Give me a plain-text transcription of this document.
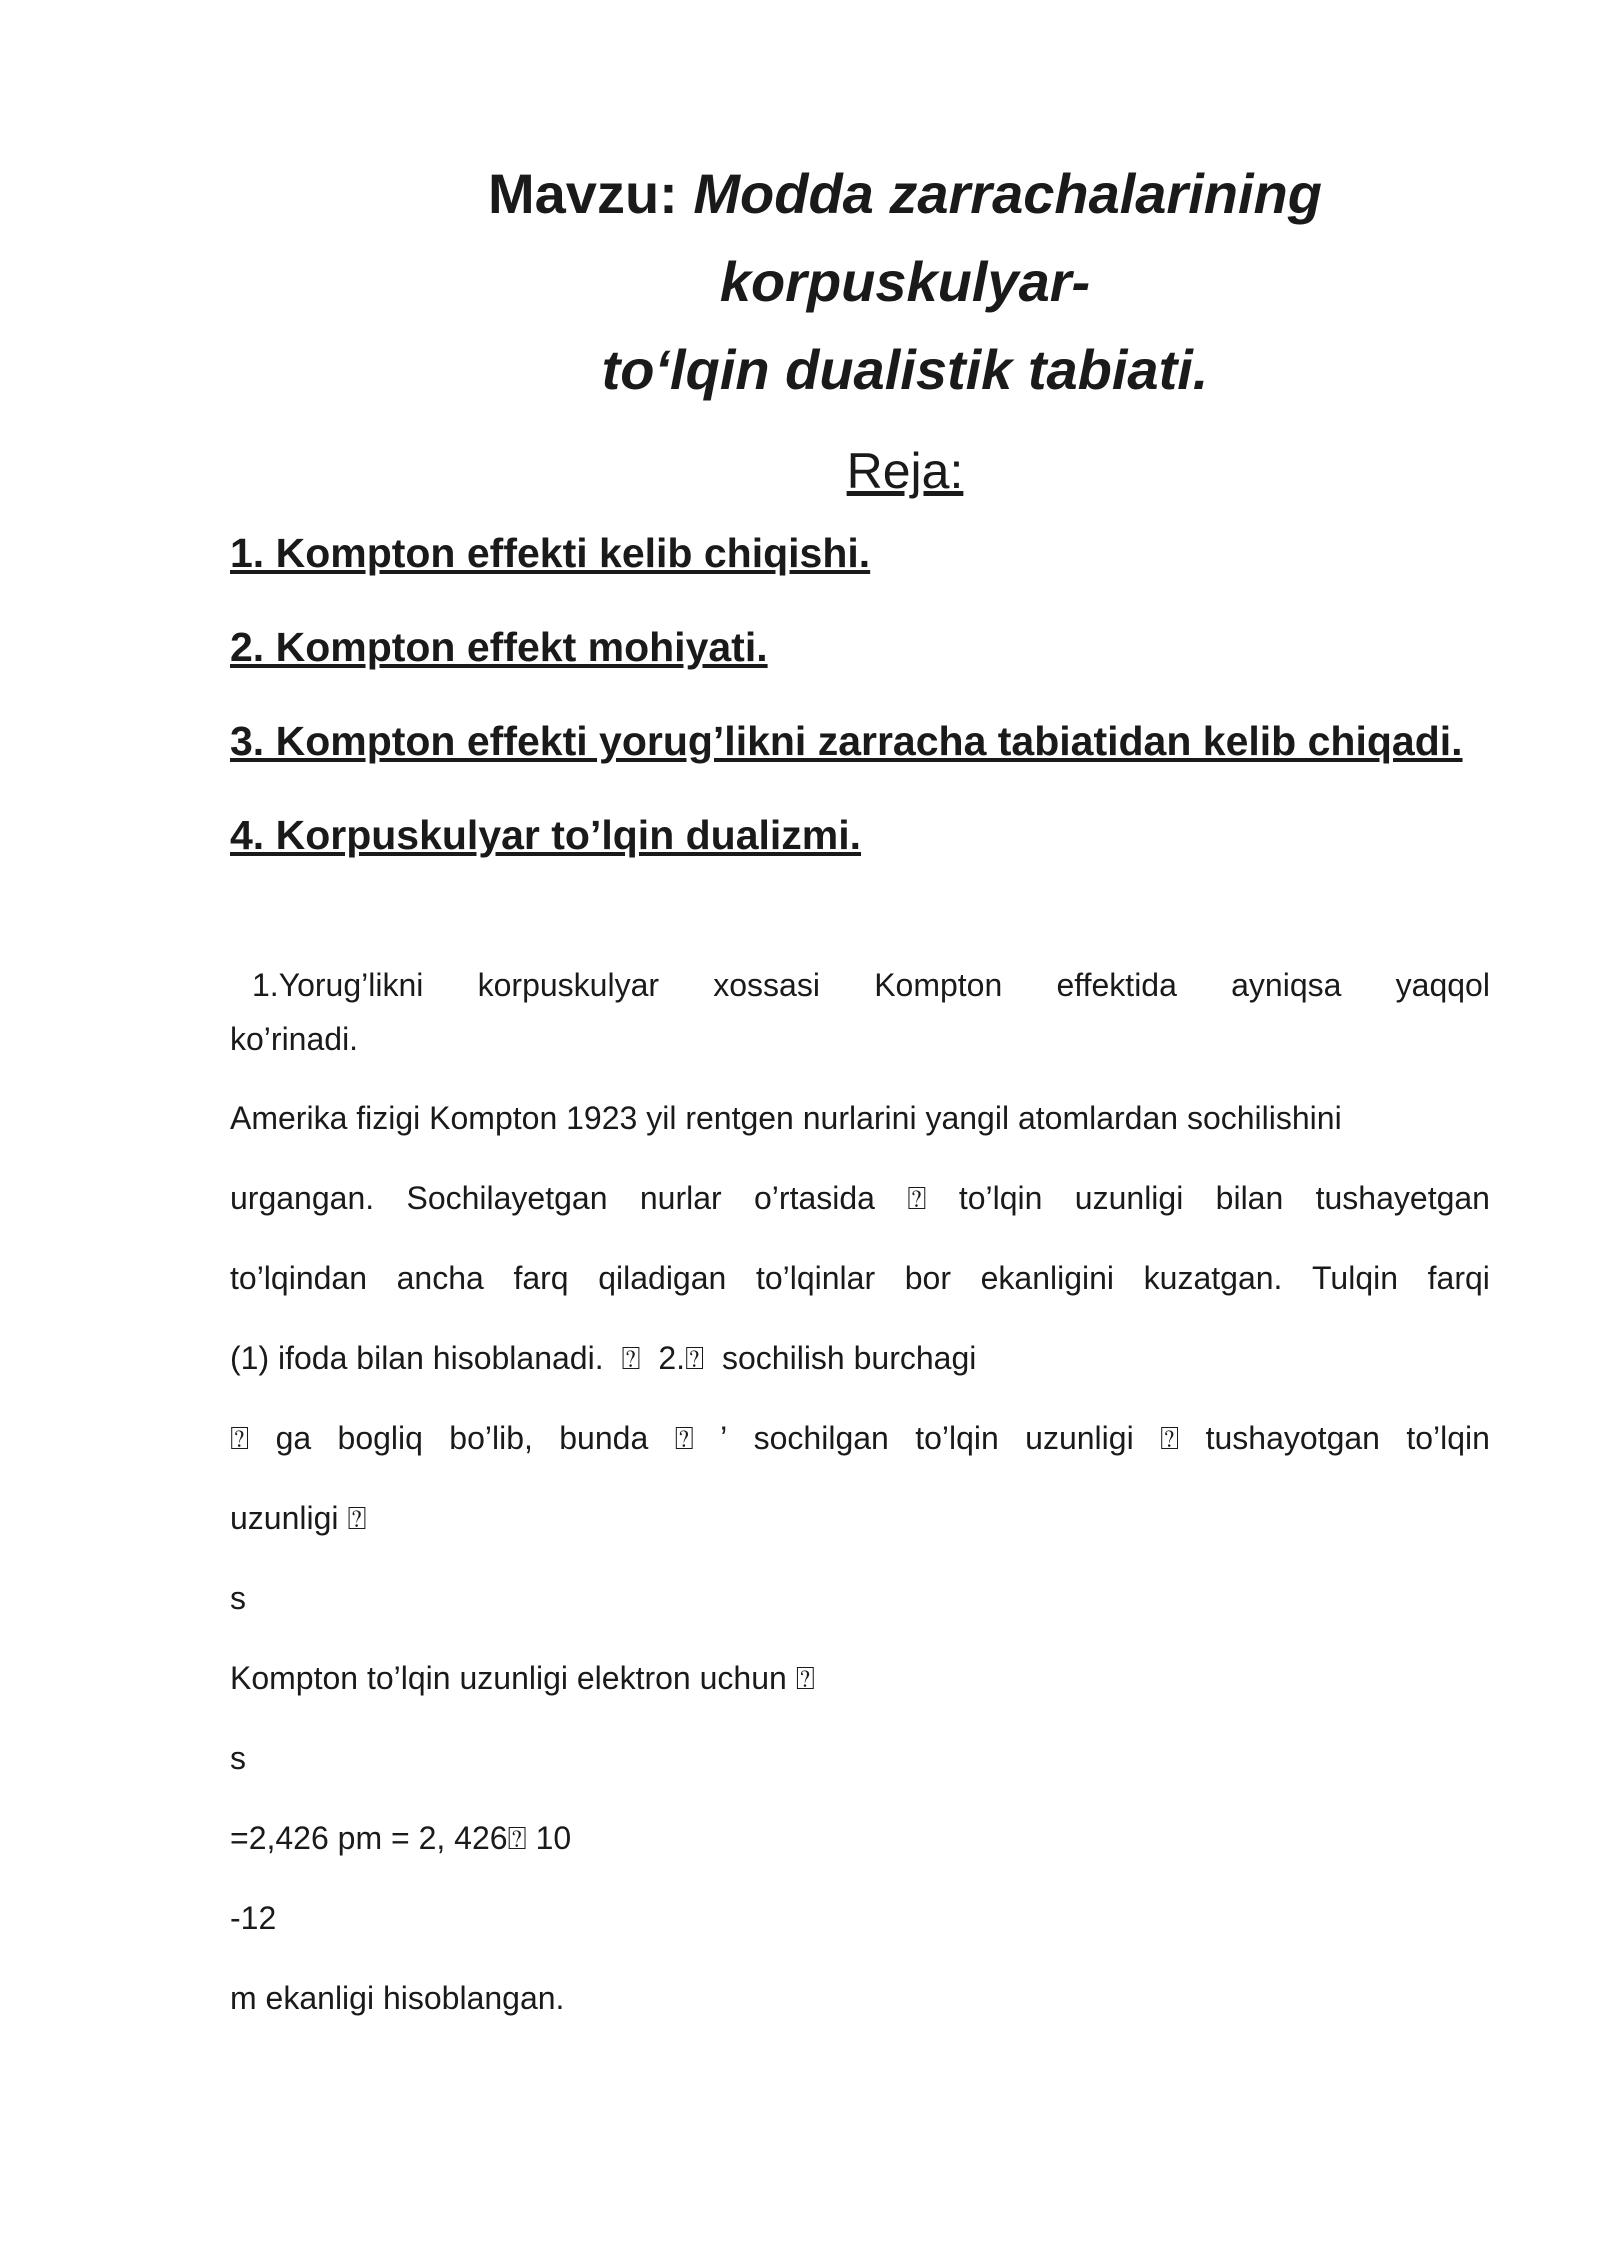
Mavzu: Modda zarrachalarining korpuskulyar-
to‘lqin dualistik tabiati.
Reja:
1. Kompton effekti kelib chiqishi.
2. Kompton effekt mohiyati.
3. Kompton effekti yorug’likni zarracha tabiatidan kelib chiqadi.
4. Korpuskulyar to’lqin dualizmi.
1.Yorug’likni korpuskulyar xossasi Kompton effektida ayniqsa yaqqol
ko’rinadi.

Amerika fizigi Kompton 1923 yil rentgen nurlarini yangil atomlardan sochilishini

urgangan. Sochilayetgan nurlar o’rtasida ⍰ to’lqin uzunligi bilan tushayetgan

to’lqindan ancha farq qiladigan to’lqinlar bor ekanligini kuzatgan. Tulqin farqi

(1) ifoda bilan hisoblanadi.  ⍰  2.⍰  sochilish burchagi

⍰ ga bogliq bo’lib, bunda ⍰ ’ sochilgan to’lqin uzunligi ⍰ tushayotgan to’lqin

uzunligi ⍰

s

Kompton to’lqin uzunligi elektron uchun ⍰

s

=2,426 pm = 2, 426⍰ 10

-12

m ekanligi hisoblangan.
